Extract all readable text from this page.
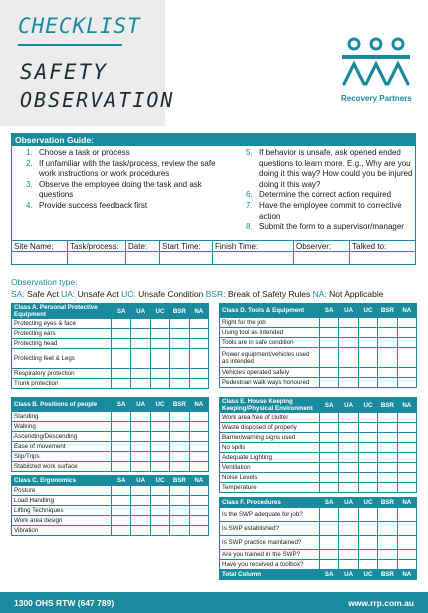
CHECKLIST
SAFETY
OBSERVATION	Recovery Partners
Observation Guide:
1. Choose a task or process
2. If unfamiliar with the task/process, review the safe work instructions or work procedures
3. Observe the employee doing the task and ask questions
4. Provide success feedback first
5. If behavior is unsafe, ask opened ended questions to learn more. E.g., Why are you doing it this way? How could you be injured doing it this way?
6. Determine the correct action required
7. Have the employee commit to corrective action
8. Submit the form to a supervisor/manager
Site Name:	Task/process:	Date:	Start Time:	Finish Time:	Observer:	Talked to:
Observation type:
SA: Safe Act UA: Unsafe Act UC: Unsafe Condition BSR: Break of Safety Rules NA: Not Applicable
Class A. Personal Protective Equipment	SA	UA	UC	BSR	NA
Protecting eyes & face					
Protecting ears					
Protecting head					
Protecting feet & Legs					
Respiratory protection					
Trunk protection					
Class B. Positions of people	SA	UA	UC	BSR	NA
Standing					
Walking					
Ascending/Descending					
Ease of movement					
Slip/Trips					
Stabilized work surface					
Class C. Ergonomics	SA	UA	UC	BSR	NA
Posture					
Load Handling					
Lifting Techniques					
Work area design					
Vibration					
Class D. Tools & Equipment	SA	UA	UC	BSR	NA
Right for the job					
Using tool as intended					
Tools are in safe condition					
Power equipment/vehicles used as intended					
Vehicles operated safely					
Pedestrian walk ways honoured					
Class E. House Keeping Keeping/Physical Environment	SA	UA	UC	BSR	NA
Work area free of clutter					
Waste disposed of properly					
Barrier/warning signs used					
No spills					
Adequate Lighting					
Ventilation					
Noise Levels					
Temperature					
Class F. Procedures	SA	UA	UC	BSR	NA
Is the SWP adequate for job?					
Is SWP established?					
Is SWP practice maintained?					
Are you trained in the SWP?					
Have you received a toolbox?					
Total Column	SA	UA	UC	BSR	NA
1300 OHS RTW (647 789)	www.rrp.com.au
